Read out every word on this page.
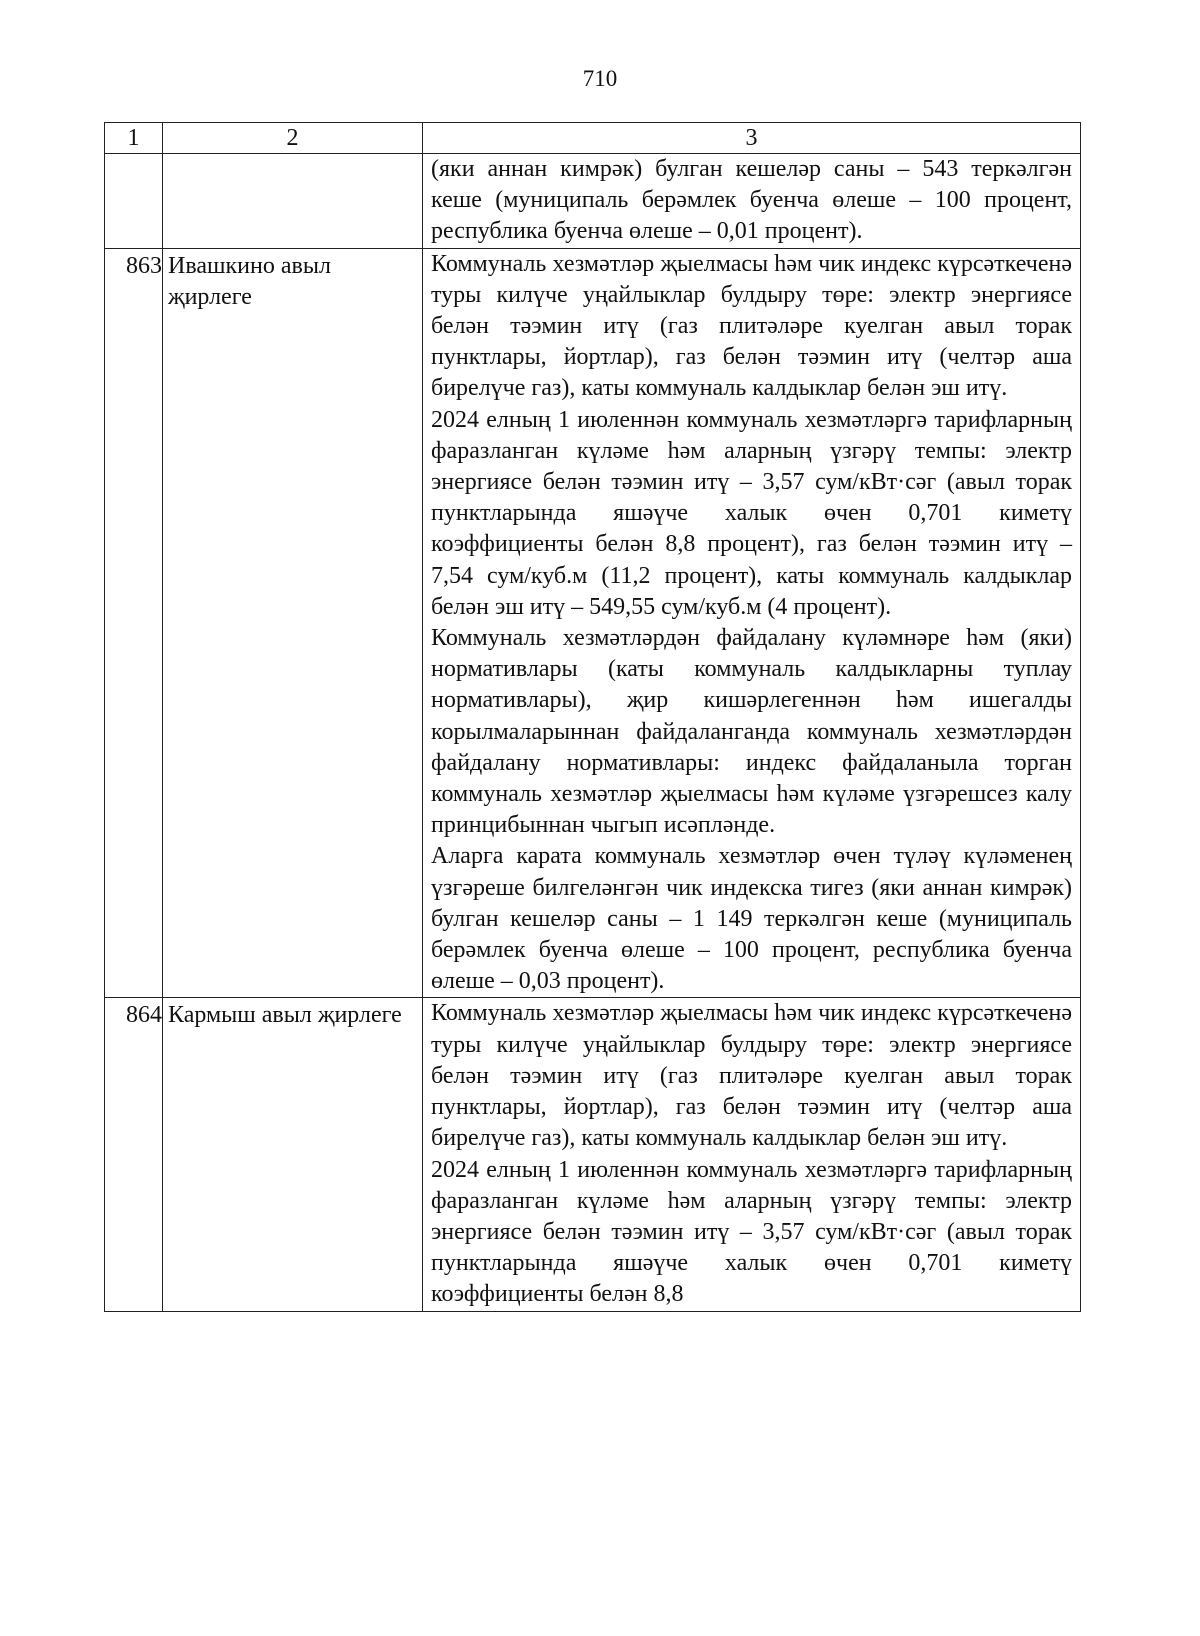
710
1	2	3

		(яки аннан кимрәк) булган кешеләр саны – 543 теркәлгән кеше (муниципаль берәмлек буенча өлеше – 100 процент, республика буенча өлеше – 0,01 процент).

863	Ивашкино авыл җирлеге	Коммуналь хезмәтләр җыелмасы һәм чик индекс күрсәткеченә туры килүче уңайлыклар булдыру төре: электр энергиясе белән тәэмин итү (газ плитәләре куелган авыл торак пунктлары, йортлар), газ белән тәэмин итү (челтәр аша бирелүче газ), каты коммуналь калдыклар белән эш итү.

2024 елның 1 июленнән коммуналь хезмәтләргә тарифларның фаразланган күләме һәм аларның үзгәрү темпы: электр энергиясе белән тәэмин итү – 3,57 сум/кВт·сәг (авыл торак пунктларында яшәүче халык өчен 0,701 киметү коэффициенты белән 8,8 процент), газ белән тәэмин итү – 7,54 сум/куб.м (11,2 процент), каты коммуналь калдыклар белән эш итү – 549,55 сум/куб.м (4 процент).

Коммуналь хезмәтләрдән файдалану күләмнәре һәм (яки) нормативлары (каты коммуналь калдыкларны туплау нормативлары), җир кишәрлегеннән һәм ишегалды корылмаларыннан файдаланганда коммуналь хезмәтләрдән файдалану нормативлары: индекс файдаланыла торган коммуналь хезмәтләр җыелмасы һәм күләме үзгәрешсез калу принцибыннан чыгып исәпләнде.

Аларга карата коммуналь хезмәтләр өчен түләү күләменең үзгәреше билгеләнгән чик индекска тигез (яки аннан кимрәк) булган кешеләр саны – 1 149 теркәлгән кеше (муниципаль берәмлек буенча өлеше – 100 процент, республика буенча өлеше – 0,03 процент).

864	Кармыш авыл җирлеге	Коммуналь хезмәтләр җыелмасы һәм чик индекс күрсәткеченә туры килүче уңайлыклар булдыру төре: электр энергиясе белән тәэмин итү (газ плитәләре куелган авыл торак пунктлары, йортлар), газ белән тәэмин итү (челтәр аша бирелүче газ), каты коммуналь калдыклар белән эш итү.

2024 елның 1 июленнән коммуналь хезмәтләргә тарифларның фаразланган күләме һәм аларның үзгәрү темпы: электр энергиясе белән тәэмин итү – 3,57 сум/кВт·сәг (авыл торак пунктларында яшәүче халык өчен 0,701 киметү коэффициенты белән 8,8
